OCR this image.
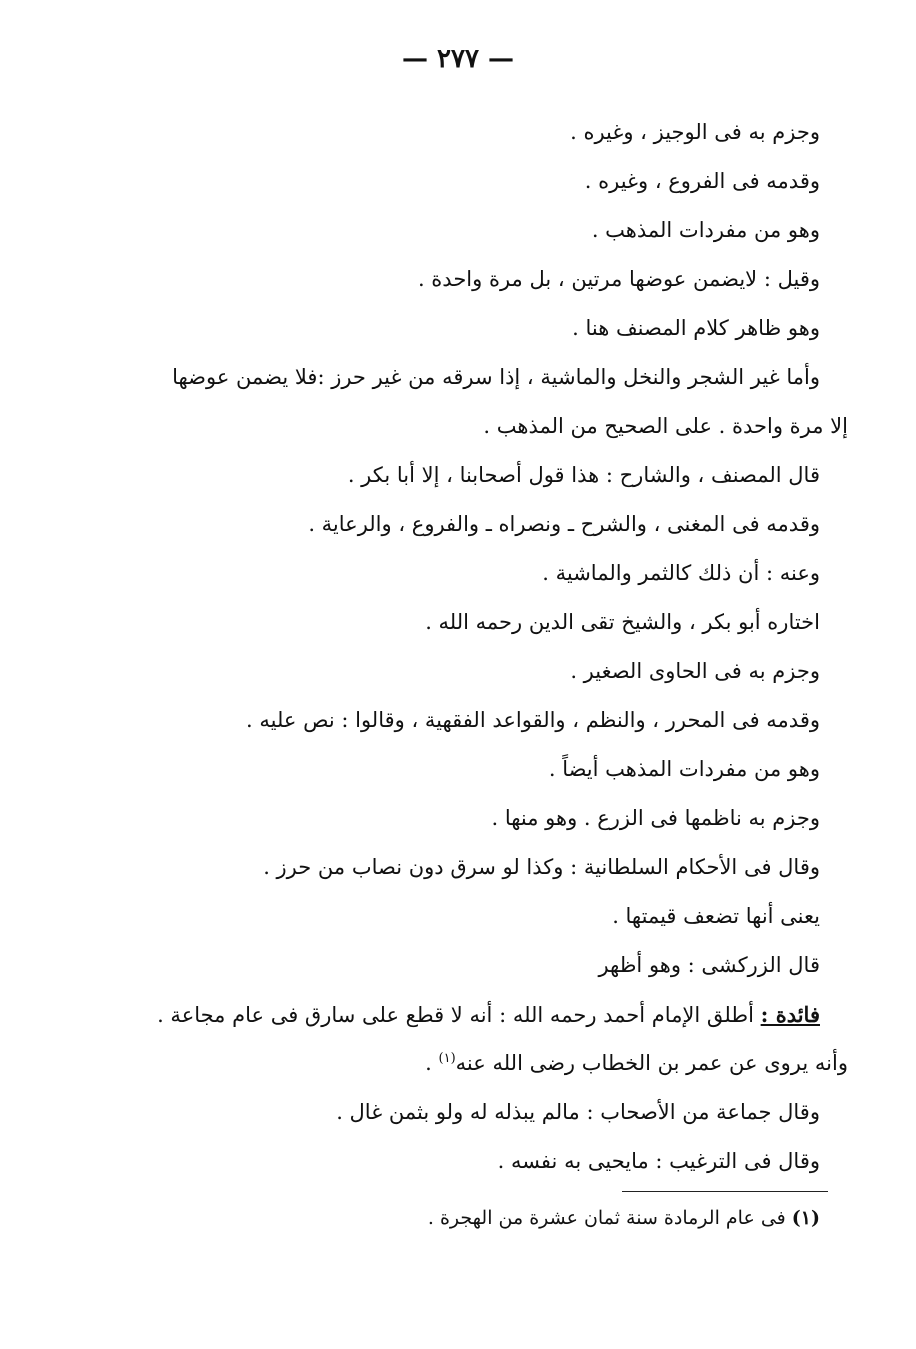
— ٢٧٧ —
وجزم به فى الوجيز ، وغيره .
وقدمه فى الفروع ، وغيره .
وهو من مفردات المذهب .
وقيل : لايضمن عوضها مرتين ، بل مرة واحدة .
وهو ظاهر كلام المصنف هنا .
وأما غير الشجر والنخل والماشية ، إذا سرقه من غير حرز :فلا يضمن عوضها
إلا مرة واحدة . على الصحيح من المذهب .
قال المصنف ، والشارح : هذا قول أصحابنا ، إلا أبا بكر .
وقدمه فى المغنى ، والشرح ـ ونصراه ـ والفروع ، والرعاية .
وعنه : أن ذلك كالثمر والماشية .
اختاره أبو بكر ، والشيخ تقى الدين رحمه الله .
وجزم به فى الحاوى الصغير .
وقدمه فى المحرر ، والنظم ، والقواعد الفقهية ، وقالوا : نص عليه .
وهو من مفردات المذهب أيضاً .
وجزم به ناظمها فى الزرع . وهو منها .
وقال فى الأحكام السلطانية : وكذا لو سرق دون نصاب من حرز .
يعنى أنها تضعف قيمتها .
قال الزركشى : وهو أظهر
فائدة : أطلق الإمام أحمد رحمه الله : أنه لا قطع على سارق فى عام مجاعة .
وأنه يروى عن عمر بن الخطاب رضى الله عنه$^{(١)}$ .
وقال جماعة من الأصحاب : مالم يبذله له ولو بثمن غال .
وقال فى الترغيب : مايحيى به نفسه .
(١) فى عام الرمادة سنة ثمان عشرة من الهجرة .
